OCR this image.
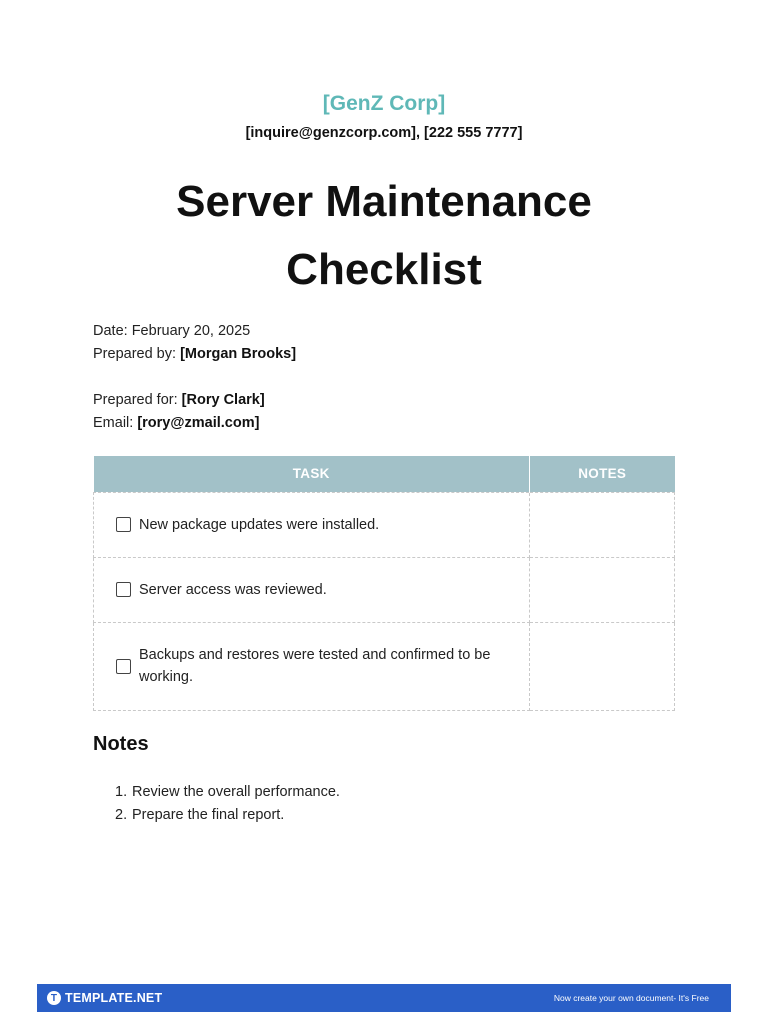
[GenZ Corp]
[inquire@genzcorp.com], [222 555 7777]
Server Maintenance
Checklist
Date: February 20, 2025
Prepared by: [Morgan Brooks]
Prepared for: [Rory Clark]
Email: [rory@zmail.com]
TASK	NOTES

New package updates were installed.	

Server access was reviewed.	

Backups and restores were tested and confirmed to be
working.	

Notes
1. Review the overall performance.
2. Prepare the final report.
T TEMPLATE.NET	Now create your own document- It's Free
